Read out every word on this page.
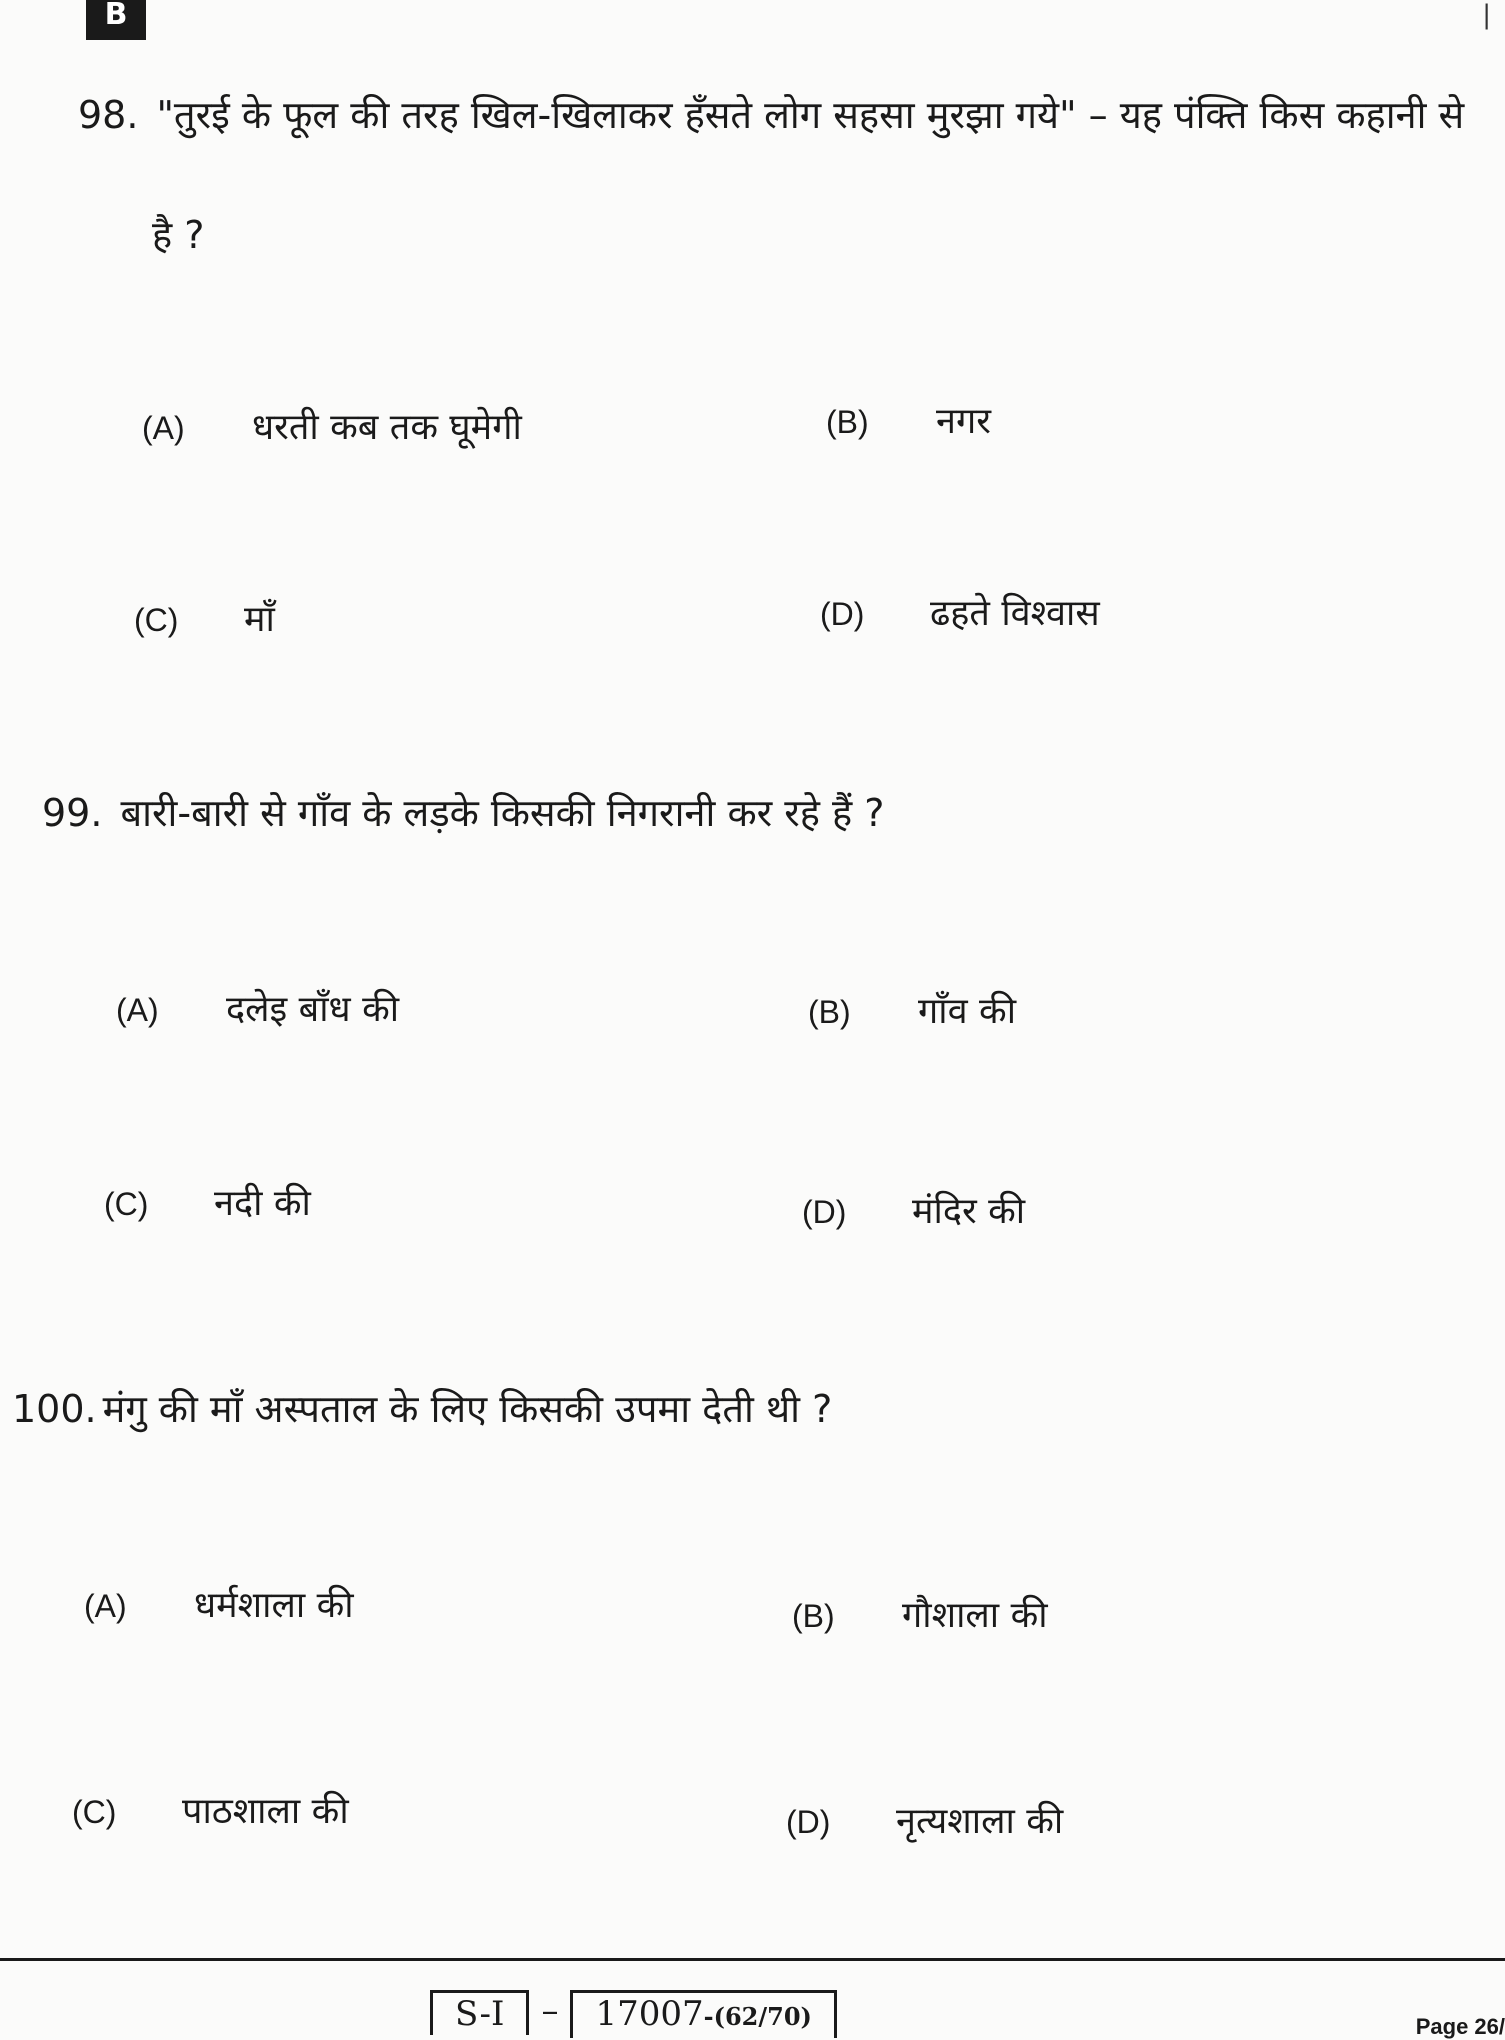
B	|
98. "तुरई के फूल की तरह खिल-खिलाकर हँसते लोग सहसा मुरझा गये" – यह पंक्ति किस कहानी से
है ?
(A) धरती कब तक घूमेगी	(B) नगर
(C) माँ	(D) ढहते विश्वास
99. बारी-बारी से गाँव के लड़के किसकी निगरानी कर रहे हैं ?
(A) दलेइ बाँध की	(B) गाँव की
(C) नदी की	(D) मंदिर की
100. मंगु की माँ अस्पताल के लिए किसकी उपमा देती थी ?
(A) धर्मशाला की	(B) गौशाला की
(C) पाठशाला की	(D) नृत्यशाला की
S-I	–	17007-(62/70)	Page 26/
